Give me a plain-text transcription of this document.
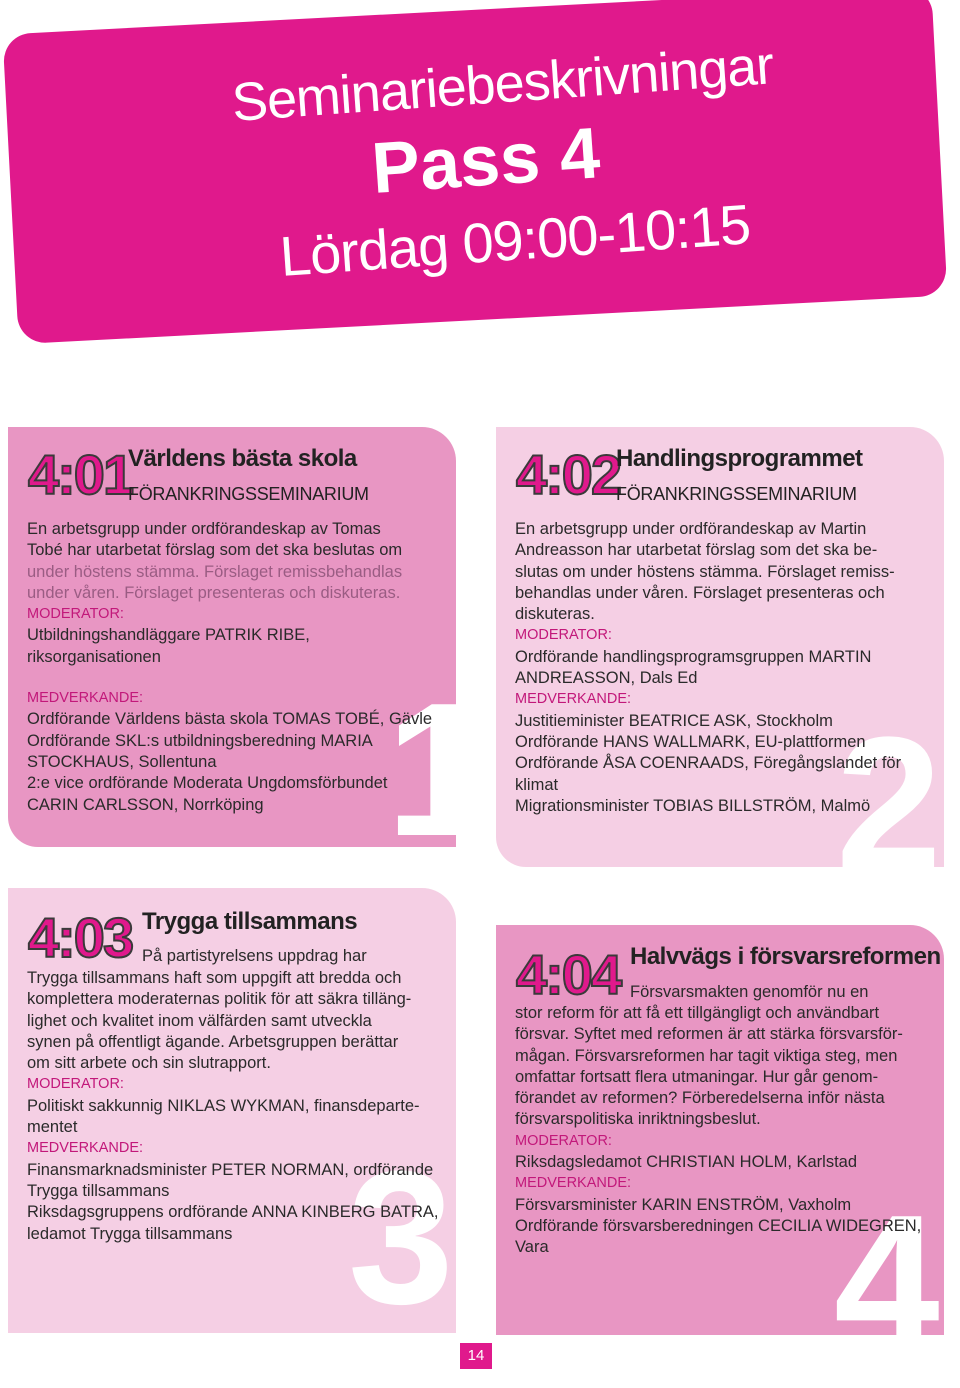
Seminariebeskrivningar
Pass 4
Lördag 09:00-10:15
1
4:01
Världens bästa skola
FÖRANKRINGSSEMINARIUM

En arbetsgrupp under ordförandeskap av Tomas

Tobé har utarbetat förslag som det ska beslutas om

under höstens stämma. Förslaget remissbehandlas

under våren. Förslaget presenteras och diskuteras.

MODERATOR:

Utbildningshandläggare PATRIK RIBE, riksorganisationen

MEDVERKANDE:

Ordförande Världens bästa skola TOMAS TOBÉ, Gävle

Ordförande SKL:s utbildningsberedning MARIA

STOCKHAUS, Sollentuna

2:e vice ordförande Moderata Ungdomsförbundet

CARIN CARLSSON, Norrköping	2
4:02
Handlingsprogrammet
FÖRANKRINGSSEMINARIUM

En arbetsgrupp under ordförandeskap av Martin

Andreasson har utarbetat förslag som det ska be-

slutas om under höstens stämma. Förslaget remiss-

behandlas under våren. Förslaget presenteras och

diskuteras.

MODERATOR:

Ordförande handlingsprogramsgruppen MARTIN

ANDREASSON, Dals Ed

MEDVERKANDE:

Justitieminister BEATRICE ASK, Stockholm

Ordförande HANS WALLMARK, EU-plattformen

Ordförande ÅSA COENRAADS, Föregångslandet för

klimat

Migrationsminister TOBIAS BILLSTRÖM, Malmö

3
4:03 Trygga tillsammans

På partistyrelsens uppdrag har

Trygga tillsammans haft som uppgift att bredda och

komplettera moderaternas politik för att säkra tilläng-

lighet och kvalitet inom välfärden samt utveckla

synen på offentligt ägande. Arbetsgruppen berättar

om sitt arbete och sin slutrapport.

MODERATOR:

Politiskt sakkunnig NIKLAS WYKMAN, finansdeparte-

mentet

MEDVERKANDE:

Finansmarknadsminister PETER NORMAN, ordförande

Trygga tillsammans

Riksdagsgruppens ordförande ANNA KINBERG BATRA,

ledamot Trygga tillsammans	4
4:04 Halvvägs i försvarsreformen

Försvarsmakten genomför nu en

stor reform för att få ett tillgängligt och användbart

försvar. Syftet med reformen är att stärka försvarsför-

mågan. Försvarsreformen har tagit viktiga steg, men

omfattar fortsatt flera utmaningar. Hur går genom-

förandet av reformen? Förberedelserna inför nästa

försvarspolitiska inriktningsbeslut.

MODERATOR:

Riksdagsledamot CHRISTIAN HOLM, Karlstad

MEDVERKANDE:

Försvarsminister KARIN ENSTRÖM, Vaxholm

Ordförande försvarsberedningen CECILIA WIDEGREN,

Vara

14
